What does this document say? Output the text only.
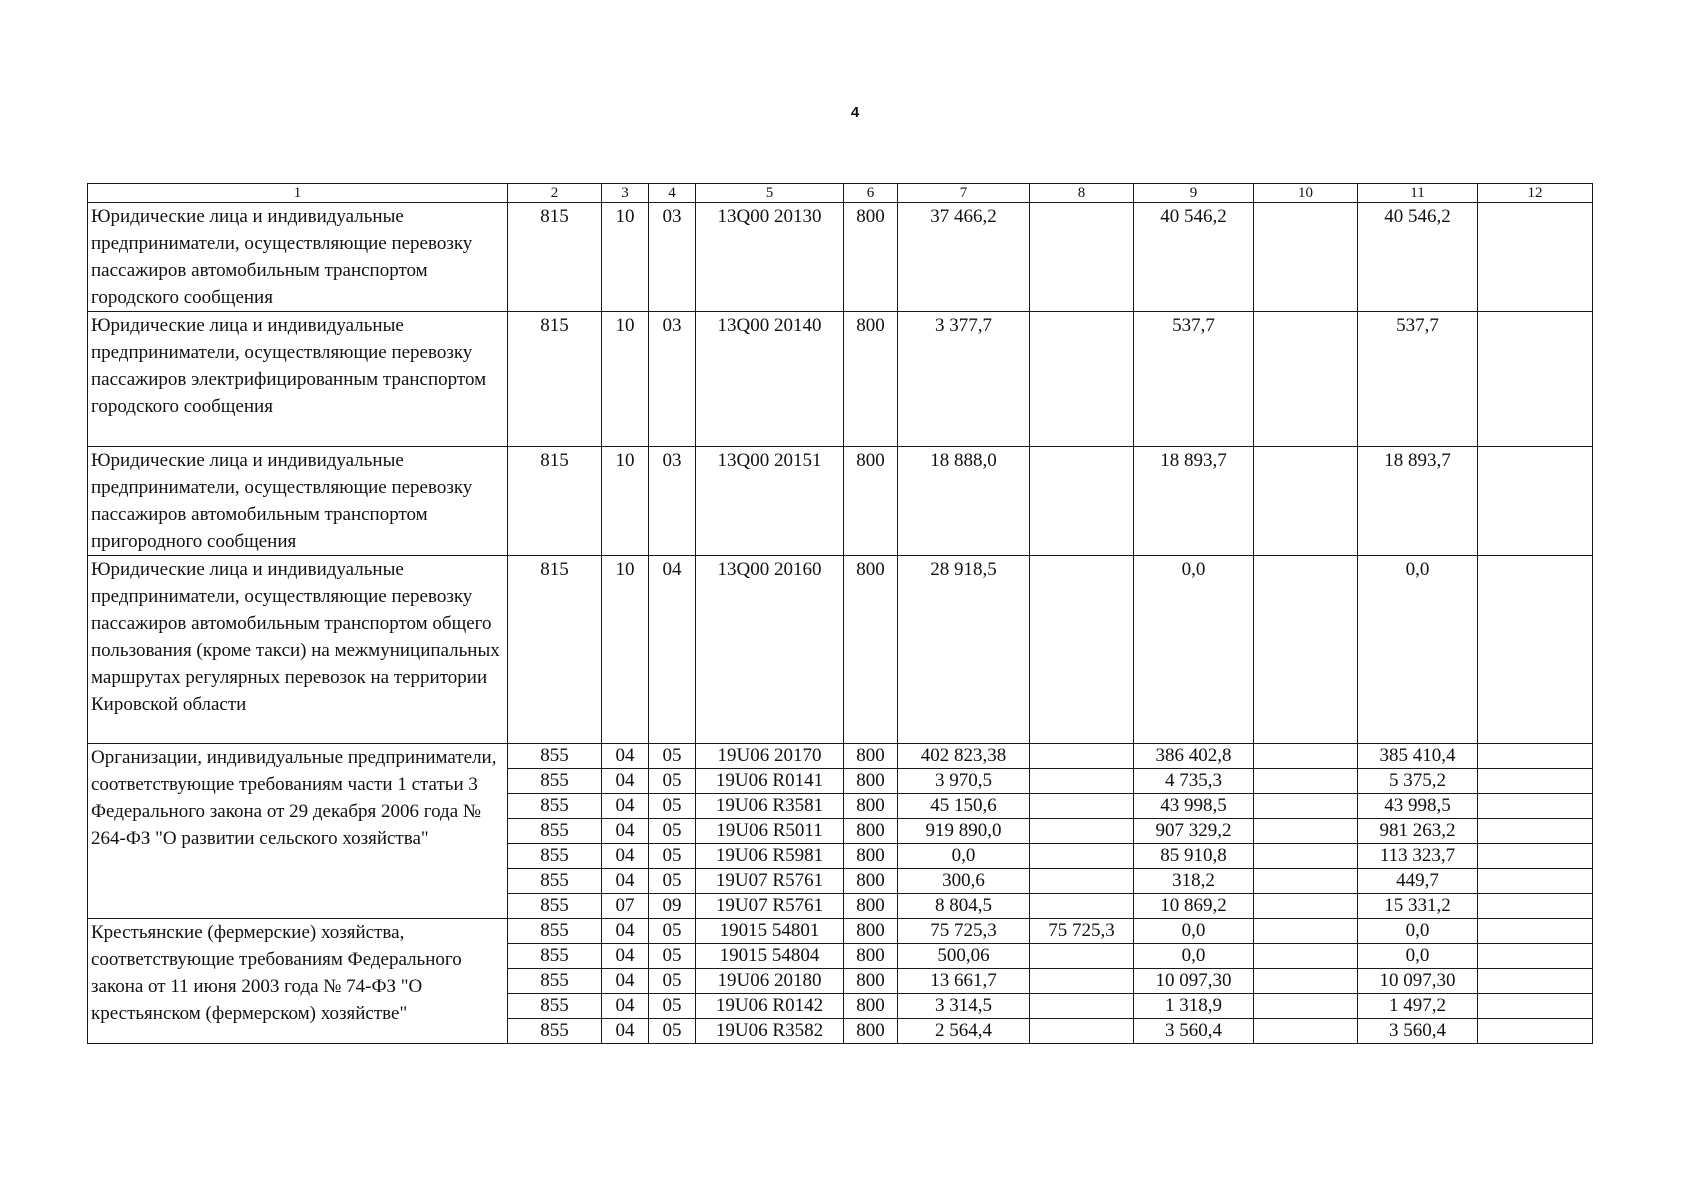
4
1	2	3	4	5	6	7	8	9	10	11	12
Юридические лица и индивидуальные предприниматели, осуществляющие перевозку пассажиров автомобильным транспортом городского сообщения	815	10	03	13Q00 20130	800	37 466,2		40 546,2		40 546,2	
Юридические лица и индивидуальные предприниматели, осуществляющие перевозку пассажиров электрифицированным транспортом городского сообщения	815	10	03	13Q00 20140	800	3 377,7		537,7		537,7	
Юридические лица и индивидуальные предприниматели, осуществляющие перевозку пассажиров автомобильным транспортом пригородного сообщения	815	10	03	13Q00 20151	800	18 888,0		18 893,7		18 893,7	
Юридические лица и индивидуальные предприниматели, осуществляющие перевозку пассажиров автомобильным транспортом общего пользования (кроме такси) на межмуниципальных маршрутах регулярных перевозок на территории Кировской области	815	10	04	13Q00 20160	800	28 918,5		0,0		0,0	
Организации, индивидуальные предприниматели, соответствующие требованиям части 1 статьи 3 Федерального закона от 29 декабря 2006 года № 264-ФЗ "О развитии сельского хозяйства"	855	04	05	19U06 20170	800	402 823,38		386 402,8		385 410,4	
	855	04	05	19U06 R0141	800	3 970,5		4 735,3		5 375,2	
	855	04	05	19U06 R3581	800	45 150,6		43 998,5		43 998,5	
	855	04	05	19U06 R5011	800	919 890,0		907 329,2		981 263,2	
	855	04	05	19U06 R5981	800	0,0		85 910,8		113 323,7	
	855	04	05	19U07 R5761	800	300,6		318,2		449,7	
	855	07	09	19U07 R5761	800	8 804,5		10 869,2		15 331,2	
Крестьянские (фермерские) хозяйства, соответствующие требованиям Федерального закона от 11 июня 2003 года № 74-ФЗ "О крестьянском (фермерском) хозяйстве"	855	04	05	19015 54801	800	75 725,3	75 725,3	0,0		0,0	
	855	04	05	19015 54804	800	500,06		0,0		0,0	
	855	04	05	19U06 20180	800	13 661,7		10 097,30		10 097,30	
	855	04	05	19U06 R0142	800	3 314,5		1 318,9		1 497,2	
	855	04	05	19U06 R3582	800	2 564,4		3 560,4		3 560,4	
